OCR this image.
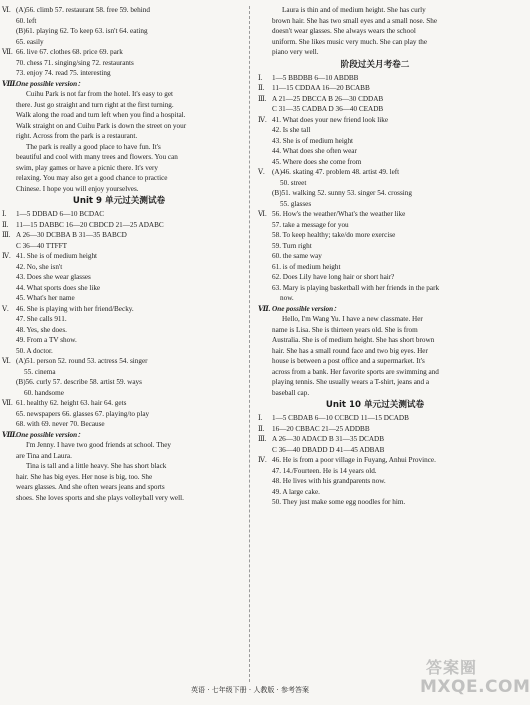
Ⅵ. (A)56. climb 57. restaurant 58. free 59. behind
60. left
(B)61. playing 62. To keep 63. isn't 64. eating
65. easily
Ⅶ. 66. live 67. clothes 68. price 69. park
70. chess 71. singing/sing 72. restaurants
73. enjoy 74. read 75. interesting
Ⅷ.
One possible version：
Cuihu Park is not far from the hotel. It's easy to get
there. Just go straight and turn right at the first turning.
Walk along the road and turn left when you find a hospital.
Walk straight on and Cuihu Park is down the street on your
right. Across from the park is a restaurant.
The park is really a good place to have fun. It's
beautiful and cool with many trees and flowers. You can
swim, play games or have a picnic there. It's very
relaxing. You may also get a good chance to practice
Chinese. I hope you will enjoy yourselves.
Unit 9 单元过关测试卷
Ⅰ. 1—5 DDBAD 6—10 BCDAC
Ⅱ. 11—15 DABBC 16—20 CBDCD 21—25 ADABC
Ⅲ. A 26—30 DCBBA B 31—35 BABCD
C 36—40 TTFFT
Ⅳ. 41. She is of medium height
42. No, she isn't
43. Does she wear glasses
44. What sports does she like
45. What's her name
Ⅴ. 46. She is playing with her friend/Becky.
47. She calls 911.
48. Yes, she does.
49. From a TV show.
50. A doctor.
Ⅵ. (A)51. person 52. round 53. actress 54. singer
55. cinema
(B)56. curly 57. describe 58. artist 59. ways
60. handsome
Ⅶ. 61. healthy 62. height 63. hair 64. gets
65. newspapers 66. glasses 67. playing/to play
68. with 69. never 70. Because
Ⅷ.
One possible version：
I'm Jenny. I have two good friends at school. They
are Tina and Laura.
Tina is tall and a little heavy. She has short black
hair. She has big eyes. Her nose is big, too. She
wears glasses. And she often wears jeans and sports
shoes. She loves sports and she plays volleyball very well.
Laura is thin and of medium height. She has curly
brown hair. She has two small eyes and a small nose. She
doesn't wear glasses. She always wears the school
uniform. She likes music very much. She can play the
piano very well.
阶段过关月考卷二
Ⅰ. 1—5 BBDBB 6—10 ABDBB
Ⅱ. 11—15 CDDAA 16—20 BCABB
Ⅲ. A 21—25 DBCCA B 26—30 CDDAB
C 31—35 CADBA D 36—40 CEADB
Ⅳ. 41. What does your new friend look like
42. Is she tall
43. She is of medium height
44. What does she often wear
45. Where does she come from
Ⅴ. (A)46. skating 47. problem 48. artist 49. left
50. street
(B)51. walking 52. sunny 53. singer 54. crossing
55. glasses
Ⅵ. 56. How's the weather/What's the weather like
57. take a message for you
58. To keep healthy; take/do more exercise
59. Turn right
60. the same way
61. is of medium height
62. Does Lily have long hair or short hair?
63. Mary is playing basketball with her friends in the park
now.
Ⅶ. One possible version：
Hello, I'm Wang Yu. I have a new classmate. Her
name is Lisa. She is thirteen years old. She is from
Australia. She is of medium height. She has short brown
hair. She has a small round face and two big eyes. Her
house is between a post office and a supermarket. It's
across from a bank. Her favorite sports are swimming and
playing tennis. She usually wears a T-shirt, jeans and a
baseball cap.
Unit 10 单元过关测试卷
Ⅰ. 1—5 CBDAB 6—10 CCBCD 11—15 DCADB
Ⅱ. 16—20 CBBAC 21—25 ADDBB
Ⅲ. A 26—30 ADACD B 31—35 DCADB
C 36—40 DBADD D 41—45 ADBAB
Ⅳ. 46. He is from a poor village in Fuyang, Anhui Province.
47. 14./Fourteen. He is 14 years old.
48. He lives with his grandparents now.
49. A large cake.
50. They just make some egg noodles for him.
英语 · 七年级下册 · 人教版 · 参考答案
答案圈
MXQE.COM
